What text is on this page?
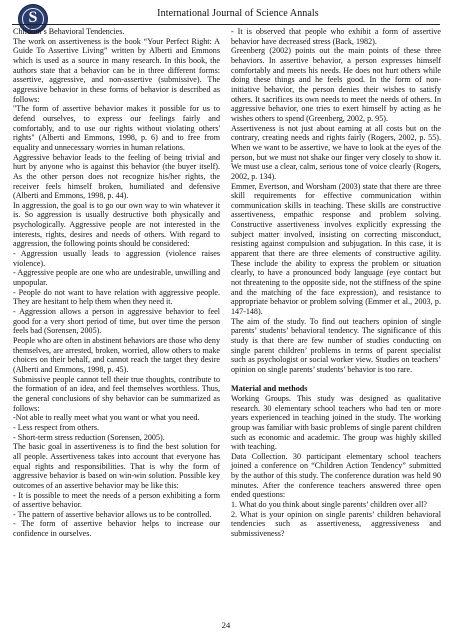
S	International Journal of Science Annals

Children’s Behavioral Tendencies.

The work on assertiveness is the book “Your Perfect Right: A Guide To Assertive Living” written by Alberti and Emmons which is used as a source in many research. In this book, the authors state that a behavior can be in three different forms: assertive, aggressive, and non-assertive (submissive). The aggressive behavior in these forms of behavior is described as follows:

"The form of assertive behavior makes it possible for us to defend ourselves, to express our feelings fairly and comfortably, and to use our rights without violating others' rights" (Alberti and Emmons, 1998, p. 6) and to free from equality and unnecessary worries in human relations.

Aggressive behavior leads to the feeling of being trivial and hurt by anyone who is against this behavior (the buyer itself). As the other person does not recognize his/her rights, the receiver feels himself broken, humiliated and defensive (Alberti and Emmons, 1998, p. 44).

In aggression, the goal is to go our own way to win whatever it is. So aggression is usually destructive both physically and psychologically. Aggressive people are not interested in the interests, rights, desires and needs of others. With regard to aggression, the following points should be considered:

- Aggression usually leads to aggression (violence raises violence).

- Aggressive people are one who are undesirable, unwilling and unpopular.

- People do not want to have relation with aggressive people. They are hesitant to help them when they need it.

- Aggression allows a person in aggressive behavior to feel good for a very short period of time, but over time the person feels bad (Sorensen, 2005).

People who are often in abstinent behaviors are those who deny themselves, are arrested, broken, worried, allow others to make choices on their behalf, and cannot reach the target they desire (Alberti and Emmons, 1998, p. 45).

Submissive people cannot tell their true thoughts, contribute to the formation of an idea, and feel themselves worthless. Thus, the general conclusions of shy behavior can be summarized as follows:

-Not able to really meet what you want or what you need.

- Less respect from others.

- Short-term stress reduction (Sorensen, 2005).

The basic goal in assertiveness is to find the best solution for all people. Assertiveness takes into account that everyone has equal rights and responsibilities. That is why the form of aggressive behavior is based on win-win solution. Possible key outcomes of an assertive behavior may be like this:

- It is possible to meet the needs of a person exhibiting a form of assertive behavior.

- The pattern of assertive behavior allows us to be controlled.

- The form of assertive behavior helps to increase our confidence in ourselves.

- It is observed that people who exhibit a form of assertive behavior have decreased stress (Back, 1982).

Greenberg (2002) points out the main points of these three behaviors. In assertive behavior, a person expresses himself comfortably and meets his needs. He does not hurt others while doing these things and he feels good. In the form of non-initiative behavior, the person denies their wishes to satisfy others. It sacrifices its own needs to meet the needs of others. In aggressive behavior, one tries to exert himself by acting as he wishes others to spend (Greenberg, 2002, p. 95).

Assertiveness is not just about earning at all costs but on the contrary, creating needs and rights fairly (Rogers, 2002, p. 55). When we want to be assertive, we have to look at the eyes of the person, but we must not shake our finger very closely to show it. We must use a clear, calm, serious tone of voice clearly (Rogers, 2002, p. 134).

Emmer, Evertson, and Worsham (2003) state that there are three skill requirements for effective communication within communication skills in teaching. These skills are constructive assertiveness, empathic response and problem solving. Constructive assertiveness involves explicitly expressing the subject matter involved, insisting on correcting misconduct, resisting against compulsion and subjugation. In this case, it is apparent that there are three elements of constructive agility. These include the ability to express the problem or situation clearly, to have a pronounced body language (eye contact but not threatening to the opposite side, not the stiffness of the spine and the matching of the face expression), and resistance to appropriate behavior or problem solving (Emmer et al., 2003, p. 147-148).

The aim of the study. To find out teachers opinion of single parents’ students’ behavioral tendency. The significance of this study is that there are few number of studies conducting on single parent children’ problems in terms of parent specialist such as psychologist or social worker view. Studies on teachers’ opinion on single parents’ students’ behavior is too rare.

Material and methods

Working Groups. This study was designed as qualitative research. 30 elementary school teachers who had ten or more years experienced in teaching joined in the study. The working group was familiar with basic problems of single parent children such as economic and academic. The group was highly skilled with teaching.

Data Collection. 30 participant elementary school teachers joined a conference on “Children Action Tendency” submitted by the author of this study. The conference duration was held 90 minutes. After the conference teachers answered three open ended questions:

1. What do you think about single parents’ children over all?

2. What is your opinion on single parents’ children behavioral tendencies such as assertiveness, aggressiveness and submissiveness?

24
